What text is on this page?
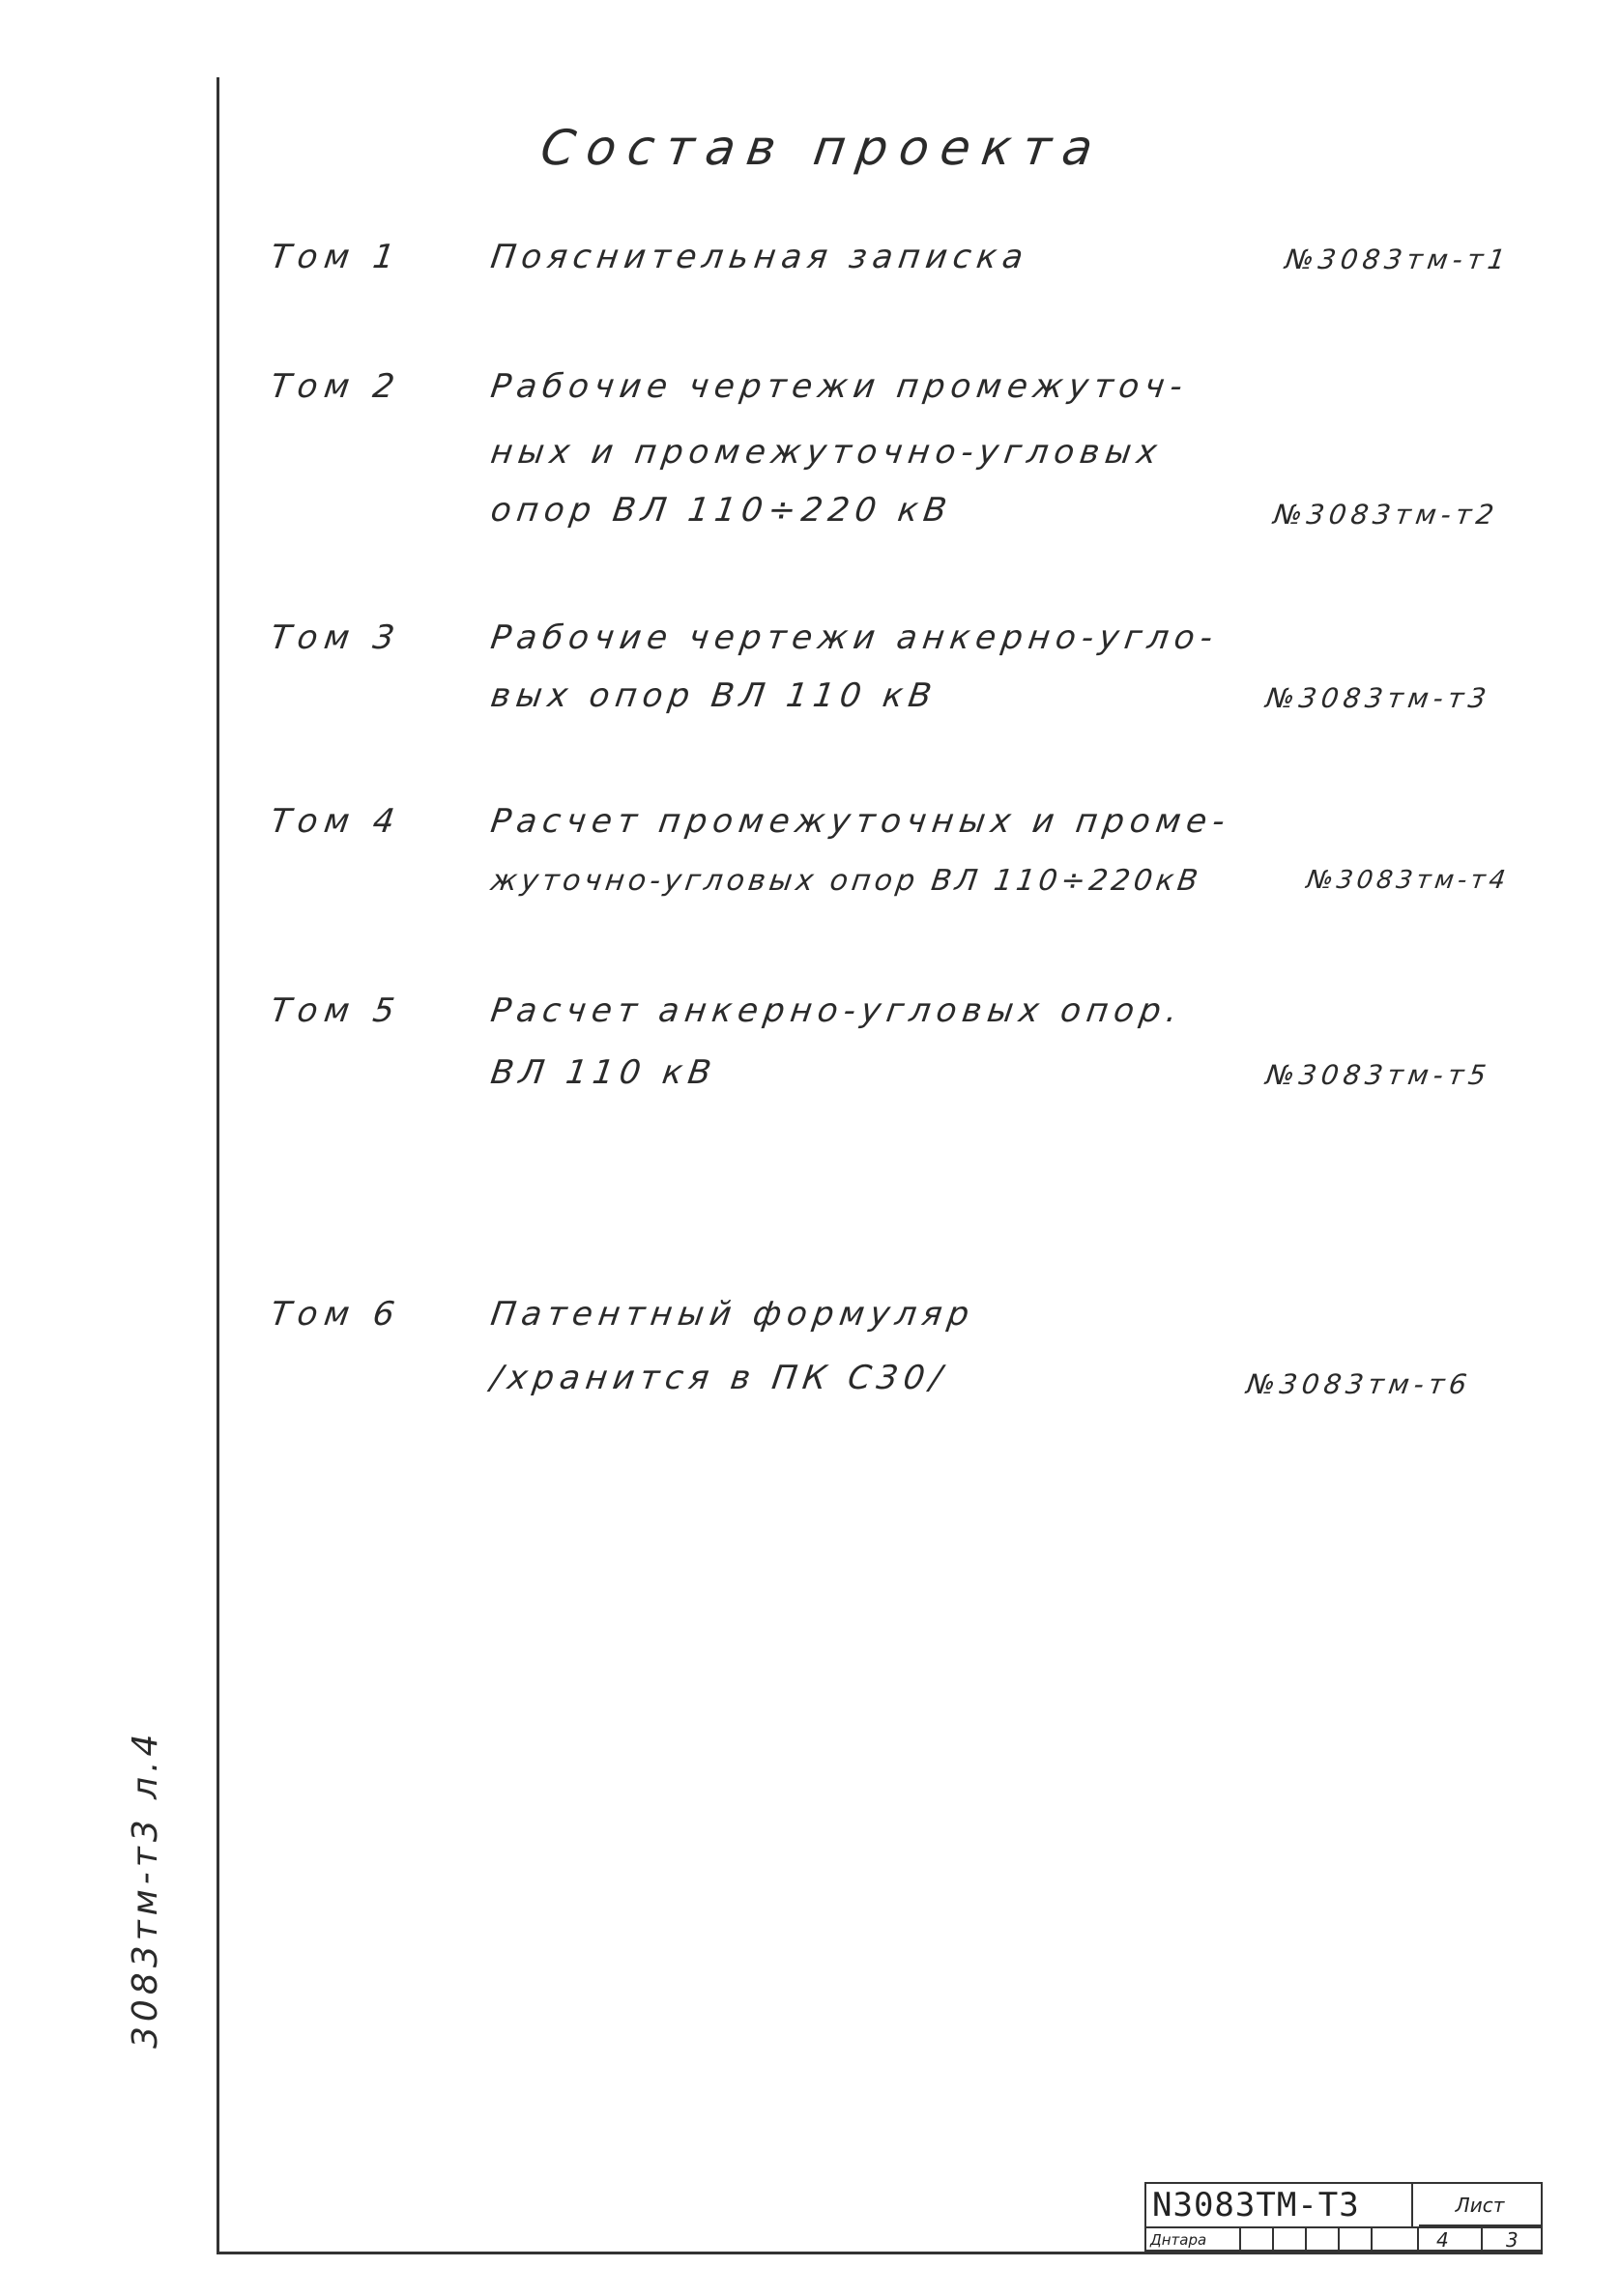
Состав проекта
Том 1	Пояснительная записка	№3083тм-т1
Том 2	Рабочие чертежи промежуточ-
ных и промежуточно-угловых
опор ВЛ 110÷220 кВ	№3083тм-т2
Том 3	Рабочие чертежи анкерно-угло-
вых опор ВЛ 110 кВ	№3083тм-т3
Том 4	Расчет промежуточных и проме-
жуточно-угловых опор ВЛ 110÷220кВ	№3083тм-т4
Том 5	Расчет анкерно-угловых опор.
ВЛ 110 кВ	№3083тм-т5
Том 6	Патентный формуляр
/хранится в ПК С30/	№3083тм-т6
3083тм-т3 л.4
N3083TM-T3	Лист
Днтара	4	3
